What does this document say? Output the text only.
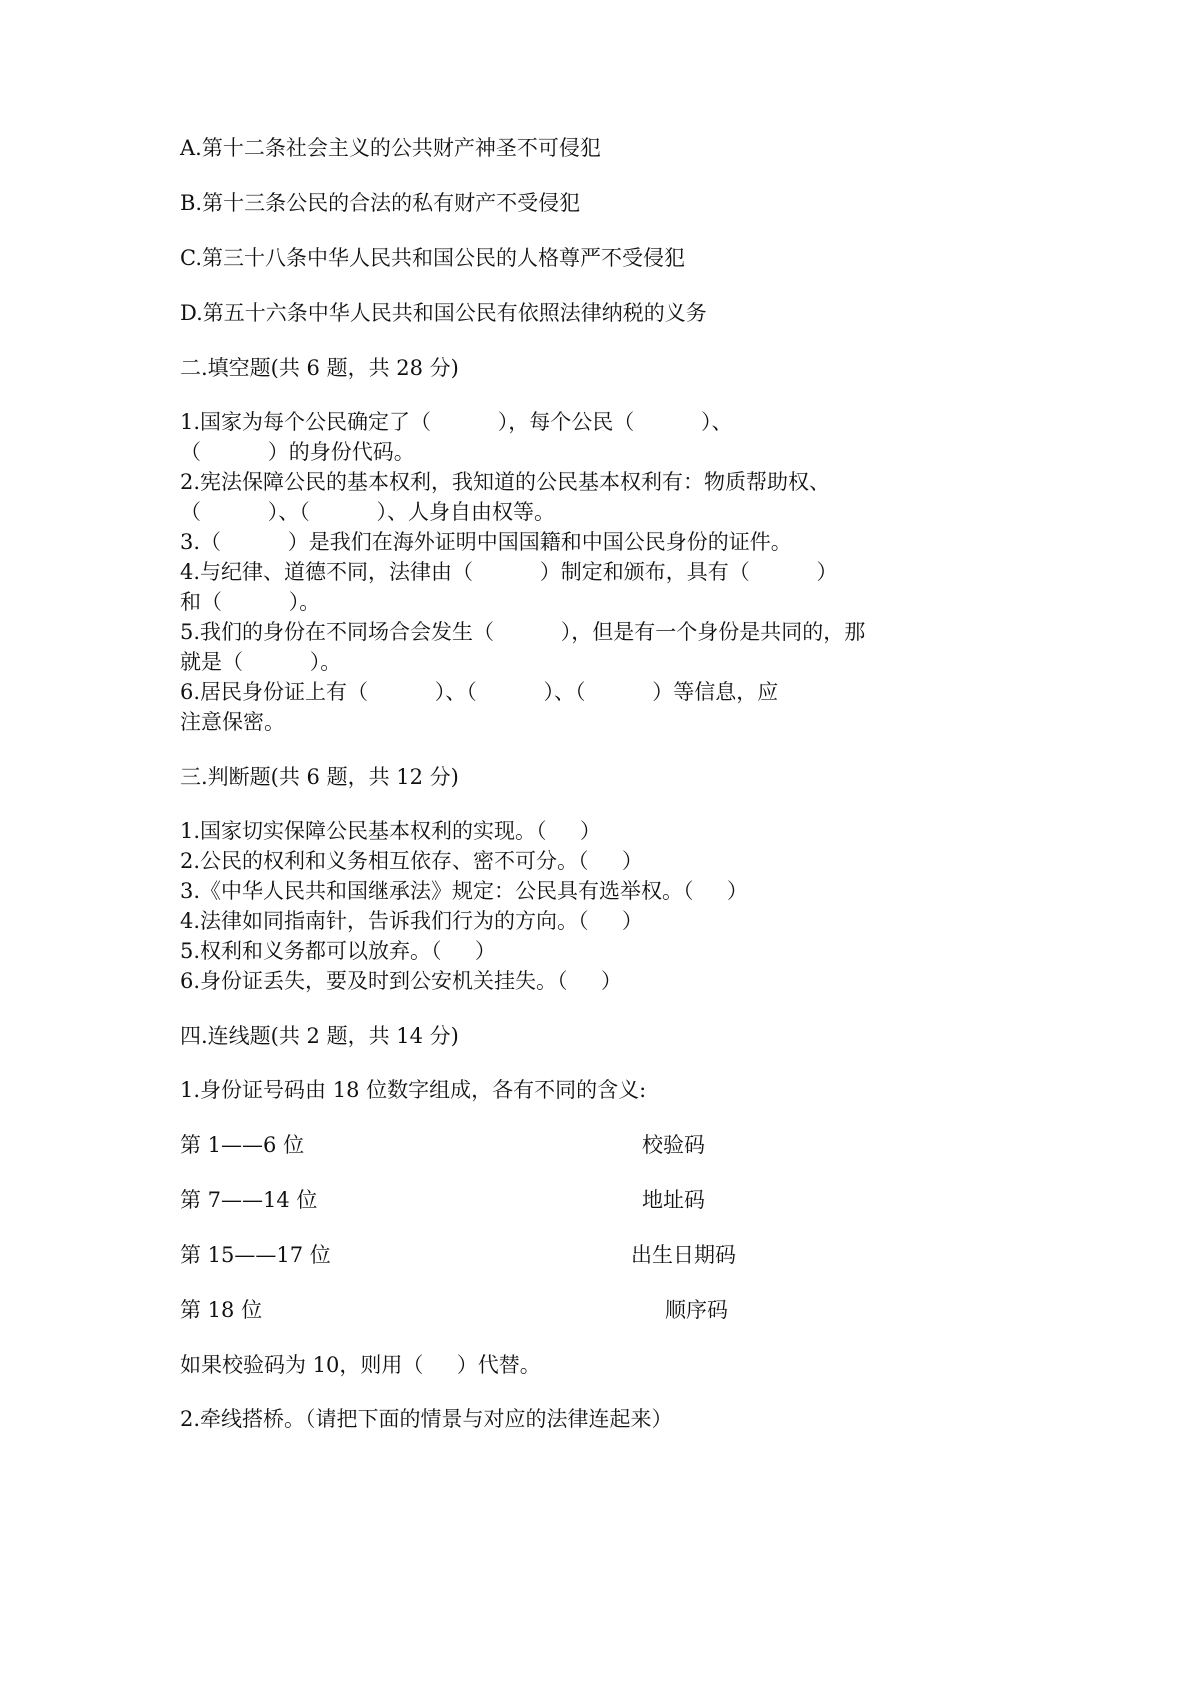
A.第十二条社会主义的公共财产神圣不可侵犯
B.第十三条公民的合法的私有财产不受侵犯
C.第三十八条中华人民共和国公民的人格尊严不受侵犯
D.第五十六条中华人民共和国公民有依照法律纳税的义务
二.填空题(共 6 题，共 28 分)
1.国家为每个公民确定了（          ），每个公民（          ）、
（          ）的身份代码。
2.宪法保障公民的基本权利，我知道的公民基本权利有：物质帮助权、
（          ）、（          ）、人身自由权等。
3.（          ）是我们在海外证明中国国籍和中国公民身份的证件。
4.与纪律、道德不同，法律由（          ）制定和颁布，具有（          ）
和（          ）。
5.我们的身份在不同场合会发生（          ），但是有一个身份是共同的，那
就是（          ）。
6.居民身份证上有（          ）、（          ）、（          ）等信息，应
注意保密。
三.判断题(共 6 题，共 12 分)
1.国家切实保障公民基本权利的实现。（     ）
2.公民的权利和义务相互依存、密不可分。（     ）
3.《中华人民共和国继承法》规定：公民具有选举权。（     ）
4.法律如同指南针，告诉我们行为的方向。（     ）
5.权利和义务都可以放弃。（     ）
6.身份证丢失，要及时到公安机关挂失。（     ）
四.连线题(共 2 题，共 14 分)
1.身份证号码由 18 位数字组成，各有不同的含义:
第 1——6 位	校验码
第 7——14 位	地址码
第 15——17 位	出生日期码
第 18 位	顺序码
如果校验码为 10，则用（     ）代替。
2.牵线搭桥。（请把下面的情景与对应的法律连起来）
